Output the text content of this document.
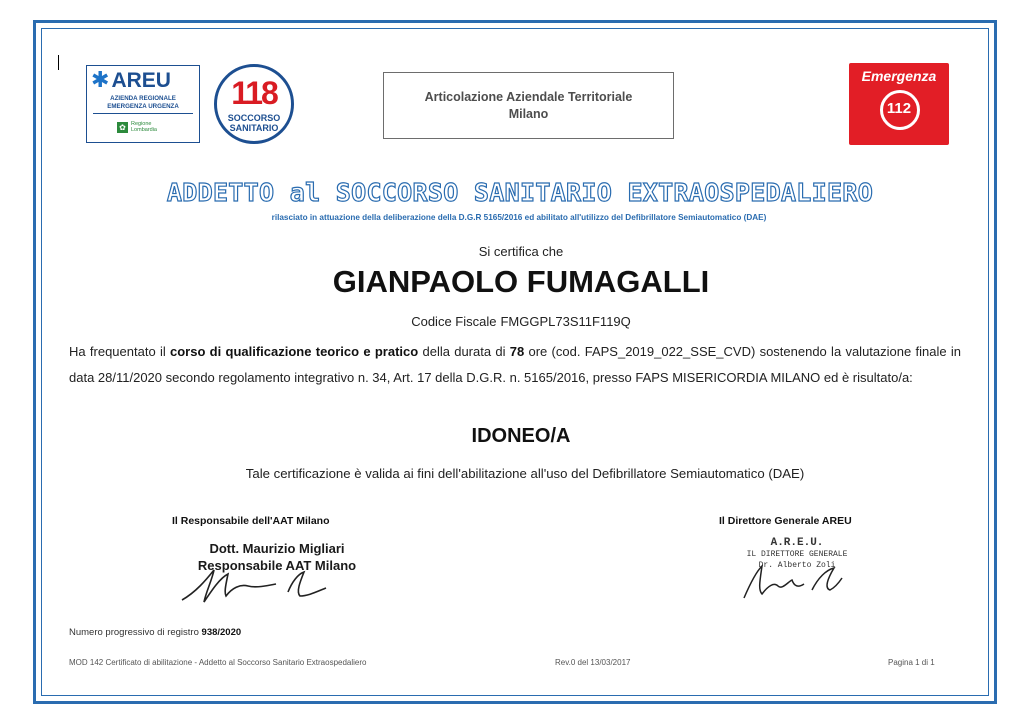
✱ AREU
AZIENDA REGIONALE
EMERGENZA URGENZA
✿ Regione
Lombardia
118
SOCCORSO
SANITARIO
Articolazione Aziendale Territoriale
Milano
Emergenza
112
ADDETTO al SOCCORSO SANITARIO EXTRAOSPEDALIERO
rilasciato in attuazione della deliberazione della D.G.R 5165/2016 ed abilitato all'utilizzo del Defibrillatore Semiautomatico (DAE)
Si certifica che
GIANPAOLO FUMAGALLI
Codice Fiscale FMGGPL73S11F119Q
Ha frequentato il corso di qualificazione teorico e pratico della durata di 78 ore (cod. FAPS_2019_022_SSE_CVD) sostenendo la valutazione finale in data 28/11/2020 secondo regolamento integrativo n. 34, Art. 17 della D.G.R. n. 5165/2016, presso FAPS MISERICORDIA MILANO ed è risultato/a:
IDONEO/A
Tale certificazione è valida ai fini dell'abilitazione all'uso del Defibrillatore Semiautomatico (DAE)
Il Responsabile dell'AAT Milano	Il Direttore Generale AREU
Dott. Maurizio Migliari
Responsabile AAT Milano
A.R.E.U.
IL DIRETTORE GENERALE
Dr. Alberto Zoli
Numero progressivo di registro 938/2020
MOD 142 Certificato di abilitazione - Addetto al Soccorso Sanitario Extraospedaliero	Rev.0 del 13/03/2017	Pagina 1 di 1
